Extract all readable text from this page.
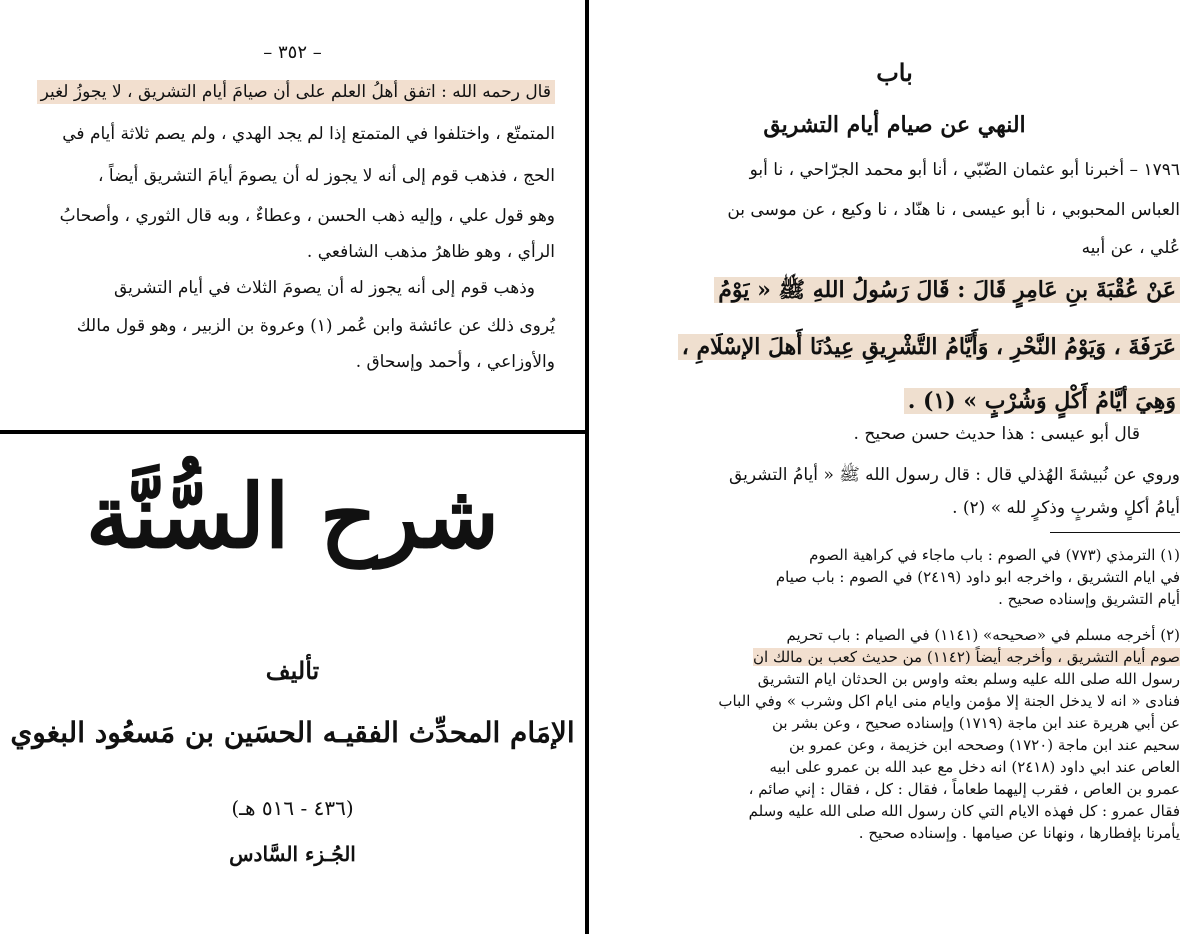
– ٣٥٢ –
قال رحمه الله : اتفق أهلُ العلم على أن صيامَ أيام التشريق ، لا يجوزُ لغير
المتمتّع ، واختلفوا في المتمتع إذا لم يجد الهدي ، ولم يصم ثلاثة أيام في
الحج ، فذهب قوم إلى أنه لا يجوز له أن يصومَ أيامَ التشريق أيضاً ،
وهو قول علي ، وإليه ذهب الحسن ، وعطاءٌ ، وبه قال الثوري ، وأصحابُ
الرأي ، وهو ظاهرُ مذهب الشافعي .
وذهب قوم إلى أنه يجوز له أن يصومَ الثلاث في أيام التشريق
يُروى ذلك عن عائشة وابن عُمر (١) وعروة بن الزبير ، وهو قول مالك
والأوزاعي ، وأحمد وإسحاق .
شرح السُّنَّة
تأليف
الإمَام المحدِّث الفقيـه الحسَين بن مَسعُود البغوي
(٤٣٦ - ٥١٦ هـ)
الجُـزء السَّادس
باب
النهي عن صيام أيام التشريق
١٧٩٦ – أخبرنا أبو عثمان الضّبّي ، أنا أبو محمد الجرّاحي ، نا أبو
العباس المحبوبي ، نا أبو عيسى ، نا هنّاد ، نا وكيع ، عن موسى بن
عُلي ، عن أبيه
عَنْ عُقْبَةَ بنِ عَامِرٍ قَالَ : قَالَ رَسُولُ اللهِ ﷺ « يَوْمُ
عَرَفَةَ ، وَيَوْمُ النَّحْرِ ، وَأَيَّامُ التَّشْرِيقِ عِيدُنَا أَهلَ الإسْلَامِ ،
وَهِيَ أيَّامُ أَكْلٍ وَشُرْبٍ » (١) .
قال أبو عيسى : هذا حديث حسن صحيح .
وروي عن نُبيشةَ الهُذلي قال : قال رسول الله ﷺ « أيامُ التشريق
أيامُ أكلٍ وشربٍ وذكرٍ لله » (٢) .
(١) الترمذي (٧٧٣) في الصوم : باب ماجاء في كراهية الصوم
في ايام التشريق ، واخرجه ابو داود (٢٤١٩) في الصوم : باب صيام
أيام التشريق وإسناده صحيح .
(٢) أخرجه مسلم في «صحيحه» (١١٤١) في الصيام : باب تحريم
صوم أيام التشريق ، وأخرجه أيضاً (١١٤٢) من حديث كعب بن مالك ان
رسول الله صلى الله عليه وسلم بعثه واوس بن الحدثان ايام التشريق
فنادى « انه لا يدخل الجنة إلا مؤمن وايام منى ايام اكل وشرب » وفي الباب
عن أبي هريرة عند ابن ماجة (١٧١٩) وإسناده صحيح ، وعن بشر بن
سحيم عند ابن ماجة (١٧٢٠) وصححه ابن خزيمة ، وعن عمرو بن
العاص عند ابي داود (٢٤١٨) انه دخل مع عبد الله بن عمرو على ابيه
عمرو بن العاص ، فقرب إليهما طعاماً ، فقال : كل ، فقال : إني صائم ،
فقال عمرو : كل فهذه الايام التي كان رسول الله صلى الله عليه وسلم
يأمرنا بإفطارها ، ونهانا عن صيامها . وإسناده صحيح .
